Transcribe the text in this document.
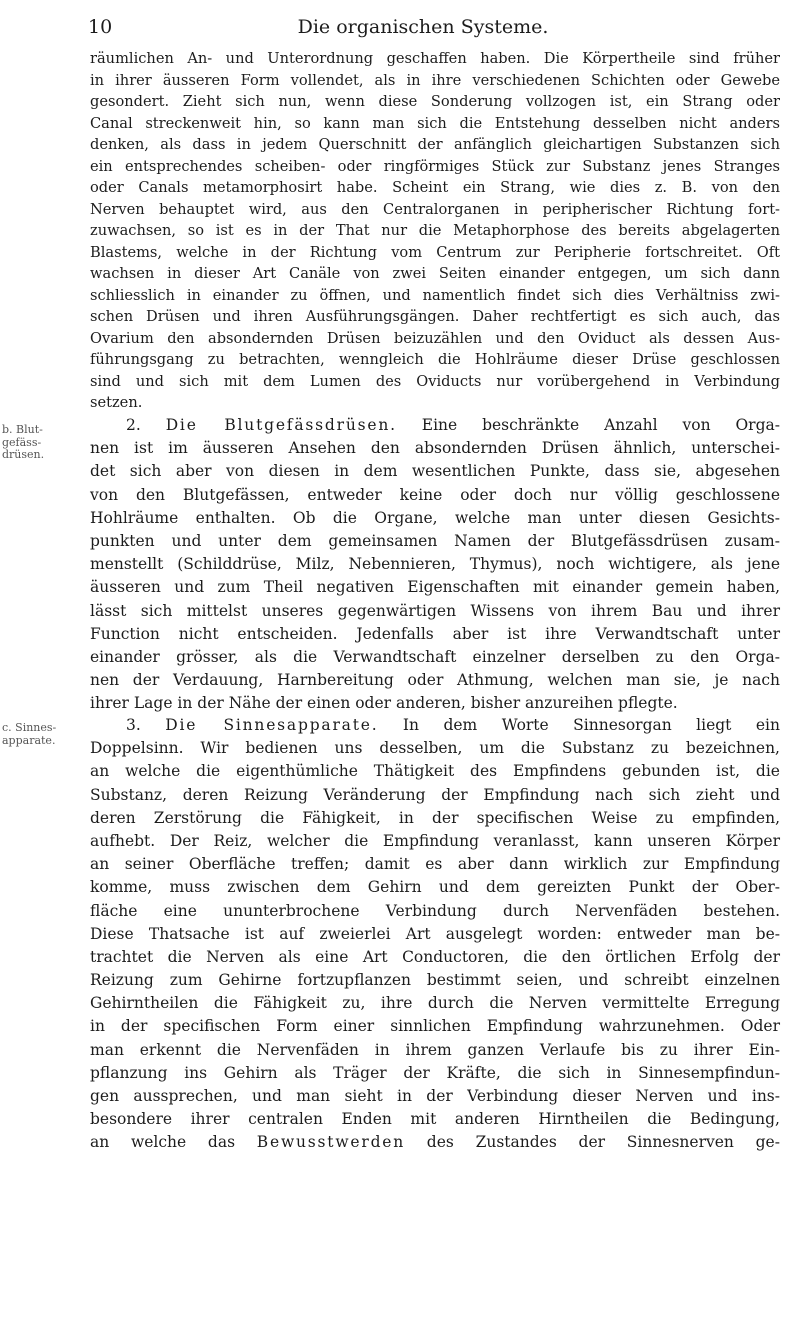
10	Die organischen Systeme.
räumlichen An- und Unterordnung geschaffen haben. Die Körpertheile sind früher
in ihrer äusseren Form vollendet, als in ihre verschiedenen Schichten oder Gewebe
gesondert. Zieht sich nun, wenn diese Sonderung vollzogen ist, ein Strang oder
Canal streckenweit hin, so kann man sich die Entstehung desselben nicht anders
denken, als dass in jedem Querschnitt der anfänglich gleichartigen Substanzen sich
ein entsprechendes scheiben- oder ringförmiges Stück zur Substanz jenes Stranges
oder Canals metamorphosirt habe. Scheint ein Strang, wie dies z. B. von den
Nerven behauptet wird, aus den Centralorganen in peripherischer Richtung fort-
zuwachsen, so ist es in der That nur die Metaphorphose des bereits abgelagerten
Blastems, welche in der Richtung vom Centrum zur Peripherie fortschreitet. Oft
wachsen in dieser Art Canäle von zwei Seiten einander entgegen, um sich dann
schliesslich in einander zu öffnen, und namentlich findet sich dies Verhältniss zwi-
schen Drüsen und ihren Ausführungsgängen. Daher rechtfertigt es sich auch, das
Ovarium den absondernden Drüsen beizuzählen und den Oviduct als dessen Aus-
führungsgang zu betrachten, wenngleich die Hohlräume dieser Drüse geschlossen
sind und sich mit dem Lumen des Oviducts nur vorübergehend in Verbindung
setzen.
b. Blut-
gefäss-
drüsen.
2. Die Blutgefässdrüsen. Eine beschränkte Anzahl von Orga-
nen ist im äusseren Ansehen den absondernden Drüsen ähnlich, unterschei-
det sich aber von diesen in dem wesentlichen Punkte, dass sie, abgesehen
von den Blutgefässen, entweder keine oder doch nur völlig geschlossene
Hohlräume enthalten. Ob die Organe, welche man unter diesen Gesichts-
punkten und unter dem gemeinsamen Namen der Blutgefässdrüsen zusam-
menstellt (Schilddrüse, Milz, Nebennieren, Thymus), noch wichtigere, als jene
äusseren und zum Theil negativen Eigenschaften mit einander gemein haben,
lässt sich mittelst unseres gegenwärtigen Wissens von ihrem Bau und ihrer
Function nicht entscheiden. Jedenfalls aber ist ihre Verwandtschaft unter
einander grösser, als die Verwandtschaft einzelner derselben zu den Orga-
nen der Verdauung, Harnbereitung oder Athmung, welchen man sie, je nach
ihrer Lage in der Nähe der einen oder anderen, bisher anzureihen pflegte.
c. Sinnes-
apparate.
3. Die Sinnesapparate. In dem Worte Sinnesorgan liegt ein
Doppelsinn. Wir bedienen uns desselben, um die Substanz zu bezeichnen,
an welche die eigenthümliche Thätigkeit des Empfindens gebunden ist, die
Substanz, deren Reizung Veränderung der Empfindung nach sich zieht und
deren Zerstörung die Fähigkeit, in der specifischen Weise zu empfinden,
aufhebt. Der Reiz, welcher die Empfindung veranlasst, kann unseren Körper
an seiner Oberfläche treffen; damit es aber dann wirklich zur Empfindung
komme, muss zwischen dem Gehirn und dem gereizten Punkt der Ober-
fläche eine ununterbrochene Verbindung durch Nervenfäden bestehen.
Diese Thatsache ist auf zweierlei Art ausgelegt worden: entweder man be-
trachtet die Nerven als eine Art Conductoren, die den örtlichen Erfolg der
Reizung zum Gehirne fortzupflanzen bestimmt seien, und schreibt einzelnen
Gehirntheilen die Fähigkeit zu, ihre durch die Nerven vermittelte Erregung
in der specifischen Form einer sinnlichen Empfindung wahrzunehmen. Oder
man erkennt die Nervenfäden in ihrem ganzen Verlaufe bis zu ihrer Ein-
pflanzung ins Gehirn als Träger der Kräfte, die sich in Sinnesempfindun-
gen aussprechen, und man sieht in der Verbindung dieser Nerven und ins-
besondere ihrer centralen Enden mit anderen Hirntheilen die Bedingung,
an welche das Bewusstwerden des Zustandes der Sinnesnerven ge-
